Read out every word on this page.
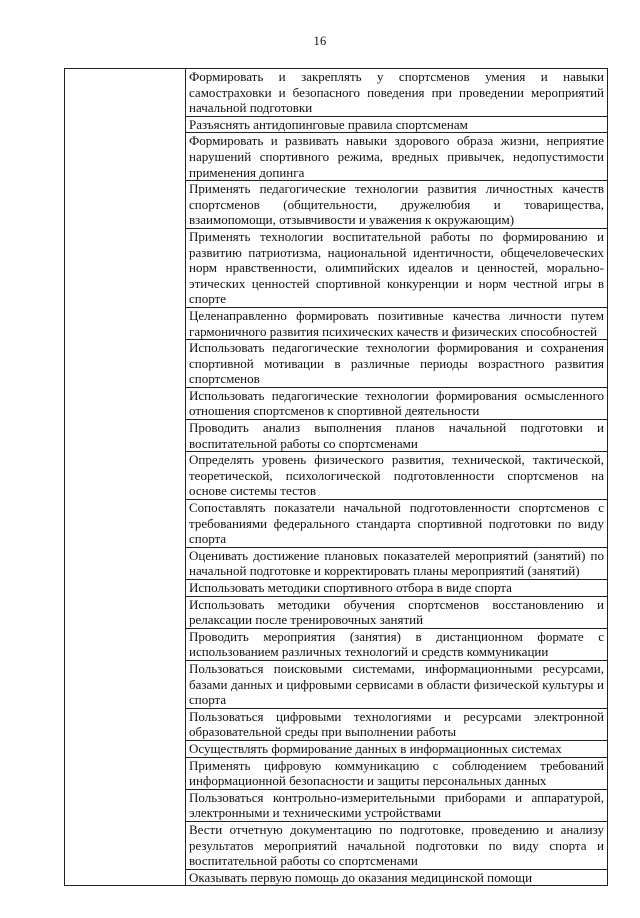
16
	Формировать и закреплять у спортсменов умения и навыки самостраховки и безопасного поведения при проведении мероприятий начальной подготовки
Разъяснять антидопинговые правила спортсменам
Формировать и развивать навыки здорового образа жизни, неприятие нарушений спортивного режима, вредных привычек, недопустимости применения допинга
Применять педагогические технологии развития личностных качеств спортсменов (общительности, дружелюбия и товарищества, взаимопомощи, отзывчивости и уважения к окружающим)
Применять технологии воспитательной работы по формированию и развитию патриотизма, национальной идентичности, общечеловеческих норм нравственности, олимпийских идеалов и ценностей, морально-этических ценностей спортивной конкуренции и норм честной игры в спорте
Целенаправленно формировать позитивные качества личности путем гармоничного развития психических качеств и физических способностей
Использовать педагогические технологии формирования и сохранения спортивной мотивации в различные периоды возрастного развития спортсменов
Использовать педагогические технологии формирования осмысленного отношения спортсменов к спортивной деятельности
Проводить анализ выполнения планов начальной подготовки и воспитательной работы со спортсменами
Определять уровень физического развития, технической, тактической, теоретической, психологической подготовленности спортсменов на основе системы тестов
Сопоставлять показатели начальной подготовленности спортсменов с требованиями федерального стандарта спортивной подготовки по виду спорта
Оценивать достижение плановых показателей мероприятий (занятий) по начальной подготовке и корректировать планы мероприятий (занятий)
Использовать методики спортивного отбора в виде спорта
Использовать методики обучения спортсменов восстановлению и релаксации после тренировочных занятий
Проводить мероприятия (занятия) в дистанционном формате с использованием различных технологий и средств коммуникации
Пользоваться поисковыми системами, информационными ресурсами, базами данных и цифровыми сервисами в области физической культуры и спорта
Пользоваться цифровыми технологиями и ресурсами электронной образовательной среды при выполнении работы
Осуществлять формирование данных в информационных системах
Применять цифровую коммуникацию с соблюдением требований информационной безопасности и защиты персональных данных
Пользоваться контрольно-измерительными приборами и аппаратурой, электронными и техническими устройствами
Вести отчетную документацию по подготовке, проведению и анализу результатов мероприятий начальной подготовки по виду спорта и воспитательной работы со спортсменами
Оказывать первую помощь до оказания медицинской помощи
